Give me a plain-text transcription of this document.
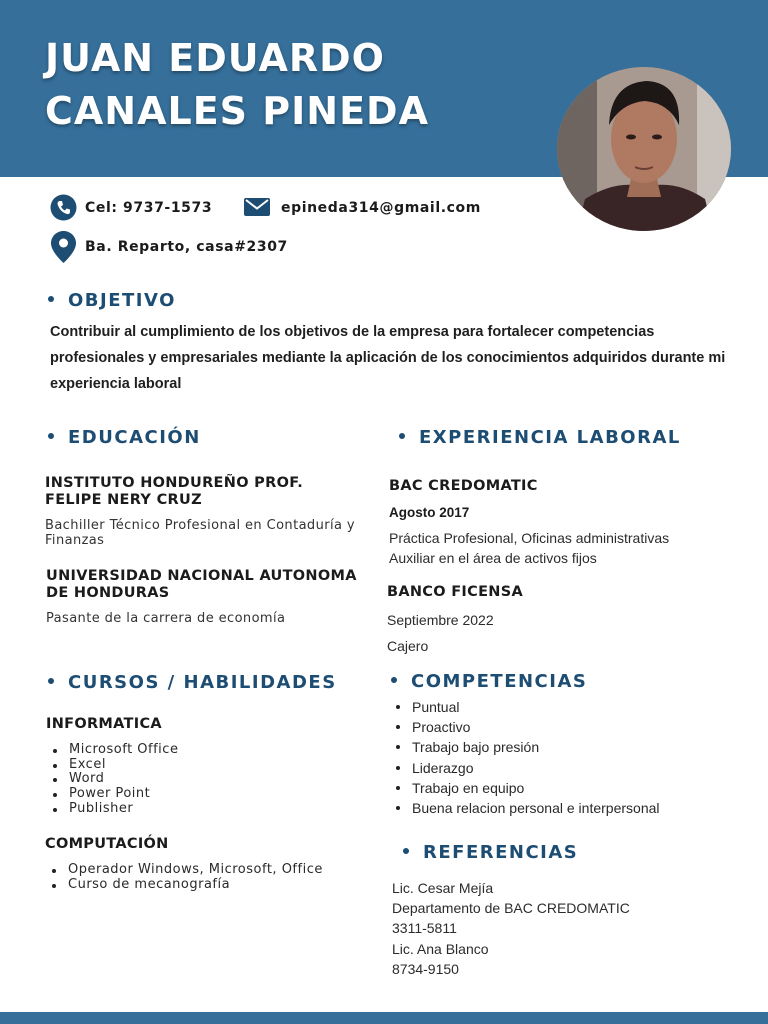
JUAN EDUARDO
CANALES PINEDA
Cel: 9737-1573	epineda314@gmail.com
Ba. Reparto, casa#2307
OBJETIVO
Contribuir al cumplimiento de los objetivos de la empresa para fortalecer competencias profesionales y empresariales mediante la aplicación de los conocimientos adquiridos durante mi experiencia laboral
EDUCACIÓN
INSTITUTO HONDUREÑO PROF. FELIPE NERY CRUZ
Bachiller Técnico Profesional en Contaduría y Finanzas
UNIVERSIDAD NACIONAL AUTONOMA DE HONDURAS
Pasante de la carrera de economía
EXPERIENCIA LABORAL
BAC CREDOMATIC
Agosto 2017
Práctica Profesional, Oficinas administrativas
Auxiliar en el área de activos fijos
BANCO FICENSA
Septiembre 2022
Cajero
CURSOS / HABILIDADES
INFORMATICA
Microsoft Office
Excel
Word
Power Point
Publisher
COMPUTACIÓN
Operador Windows, Microsoft, Office
Curso de mecanografía
COMPETENCIAS
Puntual
Proactivo
Trabajo bajo presión
Liderazgo
Trabajo en equipo
Buena relacion personal e interpersonal
REFERENCIAS
Lic. Cesar Mejía
Departamento de BAC CREDOMATIC
3311-5811
Lic. Ana Blanco
8734-9150
